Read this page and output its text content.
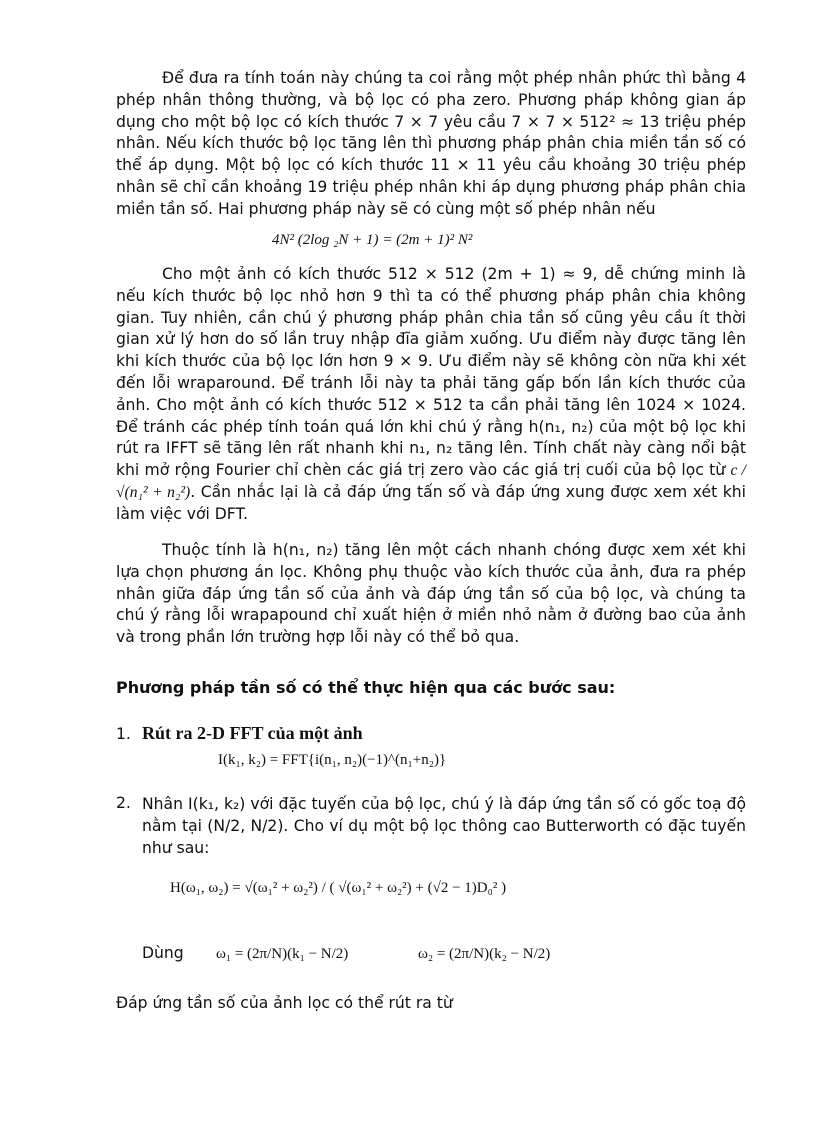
Để đưa ra tính toán này chúng ta coi rằng một phép nhân phức thì bằng 4 phép nhân thông thường, và bộ lọc có pha zero. Phương pháp không gian áp dụng cho một bộ lọc có kích thước 7 × 7 yêu cầu 7 × 7 × 512² ≈ 13 triệu phép nhân. Nếu kích thước bộ lọc tăng lên thì phương pháp phân chia miền tần số có thể áp dụng. Một bộ lọc có kích thước 11 × 11 yêu cầu khoảng 30 triệu phép nhân sẽ chỉ cần khoảng 19 triệu phép nhân khi áp dụng phương pháp phân chia miền tần số. Hai phương pháp này sẽ có cùng một số phép nhân nếu

4N² (2log ₂N + 1) = (2m + 1)² N²

Cho một ảnh có kích thước 512 × 512 (2m + 1) ≈ 9, dễ chứng minh là nếu kích thước bộ lọc nhỏ hơn 9 thì ta có thể phương pháp phân chia không gian. Tuy nhiên, cần chú ý phương pháp phân chia tần số cũng yêu cầu ít thời gian xử lý hơn do số lần truy nhập đĩa giảm xuống. Ưu điểm này được tăng lên khi kích thước của bộ lọc lớn hơn 9 × 9. Ưu điểm này sẽ không còn nữa khi xét đến lỗi wraparound. Để tránh lỗi này ta phải tăng gấp bốn lần kích thước của ảnh. Cho một ảnh có kích thước 512 × 512 ta cần phải tăng lên 1024 × 1024. Để tránh các phép tính toán quá lớn khi chú ý rằng h(n₁, n₂) của một bộ lọc khi rút ra IFFT sẽ tăng lên rất nhanh khi n₁, n₂ tăng lên. Tính chất này càng nổi bật khi mở rộng Fourier chỉ chèn các giá trị zero vào các giá trị cuối của bộ lọc từ c / √(n₁² + n₂²). Cần nhắc lại là cả đáp ứng tấn số và đáp ứng xung được xem xét khi làm việc với DFT.

Thuộc tính là h(n₁, n₂) tăng lên một cách nhanh chóng được xem xét khi lựa chọn phương án lọc. Không phụ thuộc vào kích thước của ảnh, đưa ra phép nhân giữa đáp ứng tần số của ảnh và đáp ứng tần số của bộ lọc, và chúng ta chú ý rằng lỗi wrapapound chỉ xuất hiện ở miền nhỏ nằm ở đường bao của ảnh và trong phần lớn trường hợp lỗi này có thể bỏ qua.

Phương pháp tần số có thể thực hiện qua các bước sau:
1. Rút ra 2-D FFT của một ảnh
I(k₁, k₂) = FFT{i(n₁, n₂)(−1)^(n₁+n₂)}
2. Nhân I(k₁, k₂) với đặc tuyến của bộ lọc, chú ý là đáp ứng tần số có gốc toạ độ nằm tại (N/2, N/2). Cho ví dụ một bộ lọc thông cao Butterworth có đặc tuyến như sau:

H(ω₁, ω₂) = √(ω₁² + ω₂²) / ( √(ω₁² + ω₂²) + (√2 − 1)D₀² )
Dùng ω₁ = (2π/N)(k₁ − N/2)	ω₂ = (2π/N)(k₂ − N/2)
Đáp ứng tần số của ảnh lọc có thể rút ra từ
